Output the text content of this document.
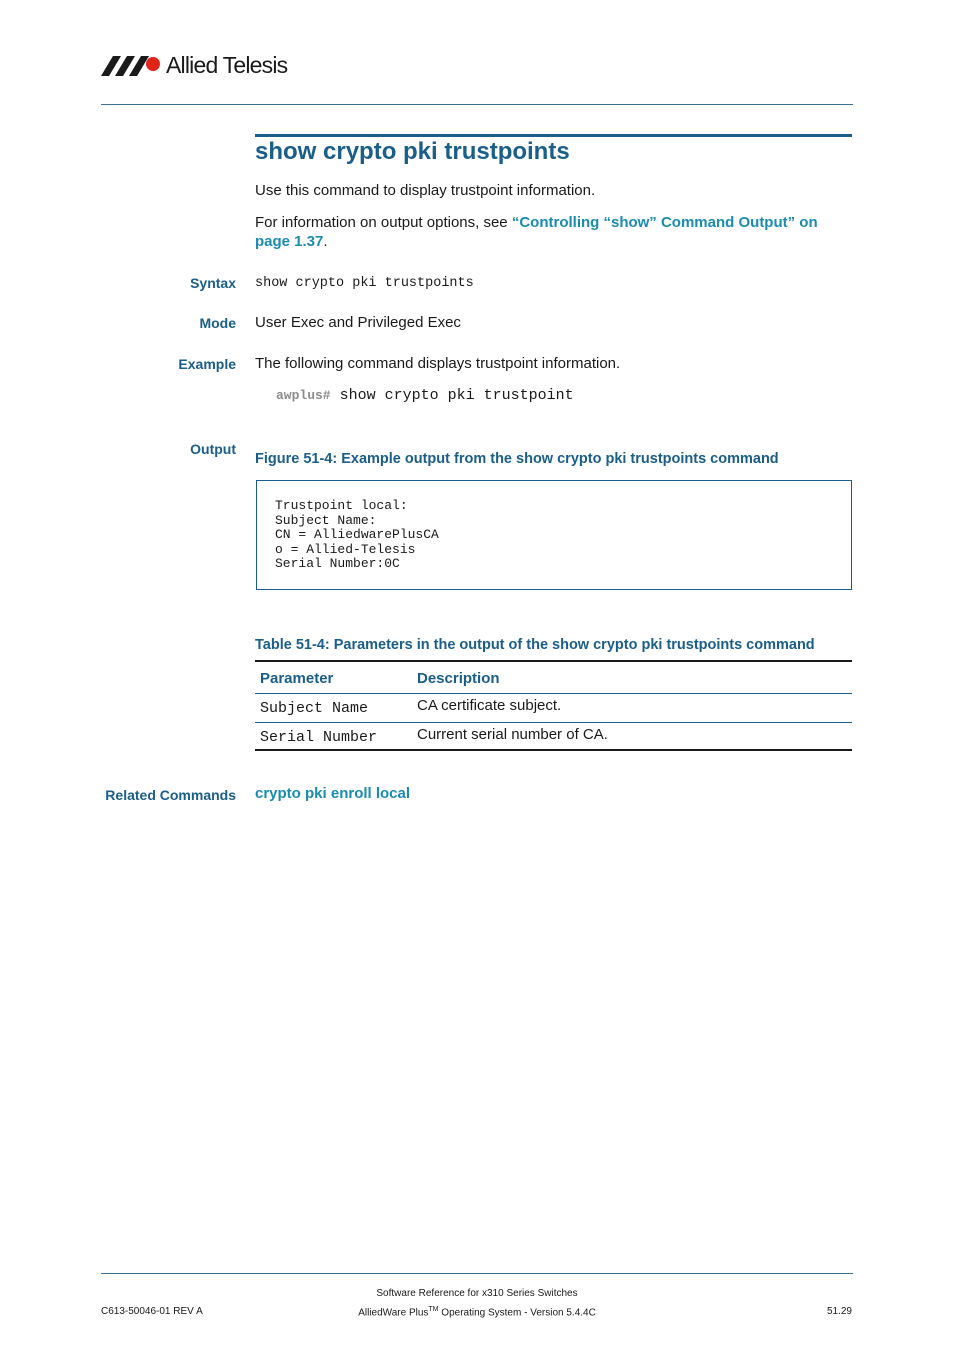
Allied Telesis
show crypto pki trustpoints
Use this command to display trustpoint information.
For information on output options, see “Controlling “show” Command Output” on
page 1.37.
Syntax show crypto pki trustpoints
Mode User Exec and Privileged Exec
Example The following command displays trustpoint information.
awplus# show crypto pki trustpoint
Output
Figure 51-4: Example output from the show crypto pki trustpoints command
Trustpoint local:
Subject Name:
CN = AlliedwarePlusCA
o = Allied-Telesis
Serial Number:0C
Table 51-4: Parameters in the output of the show crypto pki trustpoints command
Parameter	Description
Subject Name	CA certificate subject.
Serial Number	Current serial number of CA.
Related Commands crypto pki enroll local
Software Reference for x310 Series Switches
C613-50046-01 REV A	AlliedWare Plus™ Operating System - Version 5.4.4C	51.29
